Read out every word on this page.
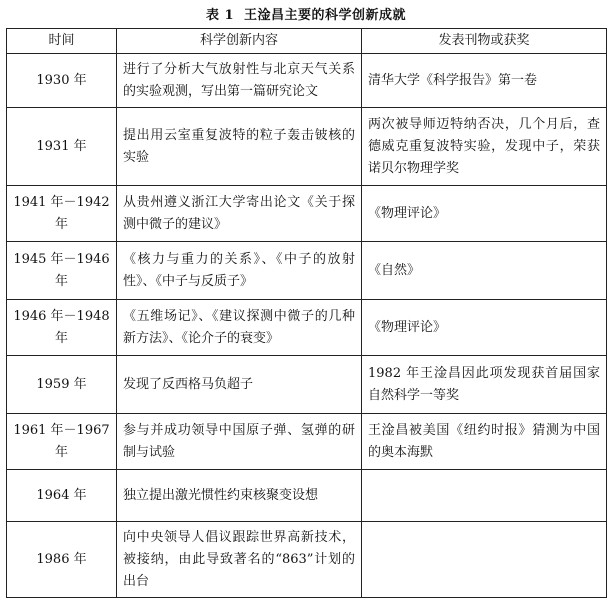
表 1 王淦昌主要的科学创新成就
时间	科学创新内容	发表刊物或获奖
1930 年	进行了分析大气放射性与北京天气关系的实验观测，写出第一篇研究论文	清华大学《科学报告》第一卷
1931 年	提出用云室重复波特的粒子轰击铍核的实验	两次被导师迈特纳否决，几个月后，查德威克重复波特实验，发现中子，荣获诺贝尔物理学奖
1941 年－1942 年	从贵州遵义浙江大学寄出论文《关于探测中微子的建议》	《物理评论》
1945 年－1946 年	《核力与重力的关系》、《中子的放射性》、《中子与反质子》	《自然》
1946 年－1948 年	《五维场记》、《建议探测中微子的几种新方法》、《论介子的衰变》	《物理评论》
1959 年	发现了反西格马负超子	1982 年王淦昌因此项发现获首届国家自然科学一等奖
1961 年－1967 年	参与并成功领导中国原子弹、氢弹的研制与试验	王淦昌被美国《纽约时报》猜测为中国的奥本海默
1964 年	独立提出激光惯性约束核聚变设想	
1986 年	向中央领导人倡议跟踪世界高新技术，被接纳，由此导致著名的“863”计划的出台	
